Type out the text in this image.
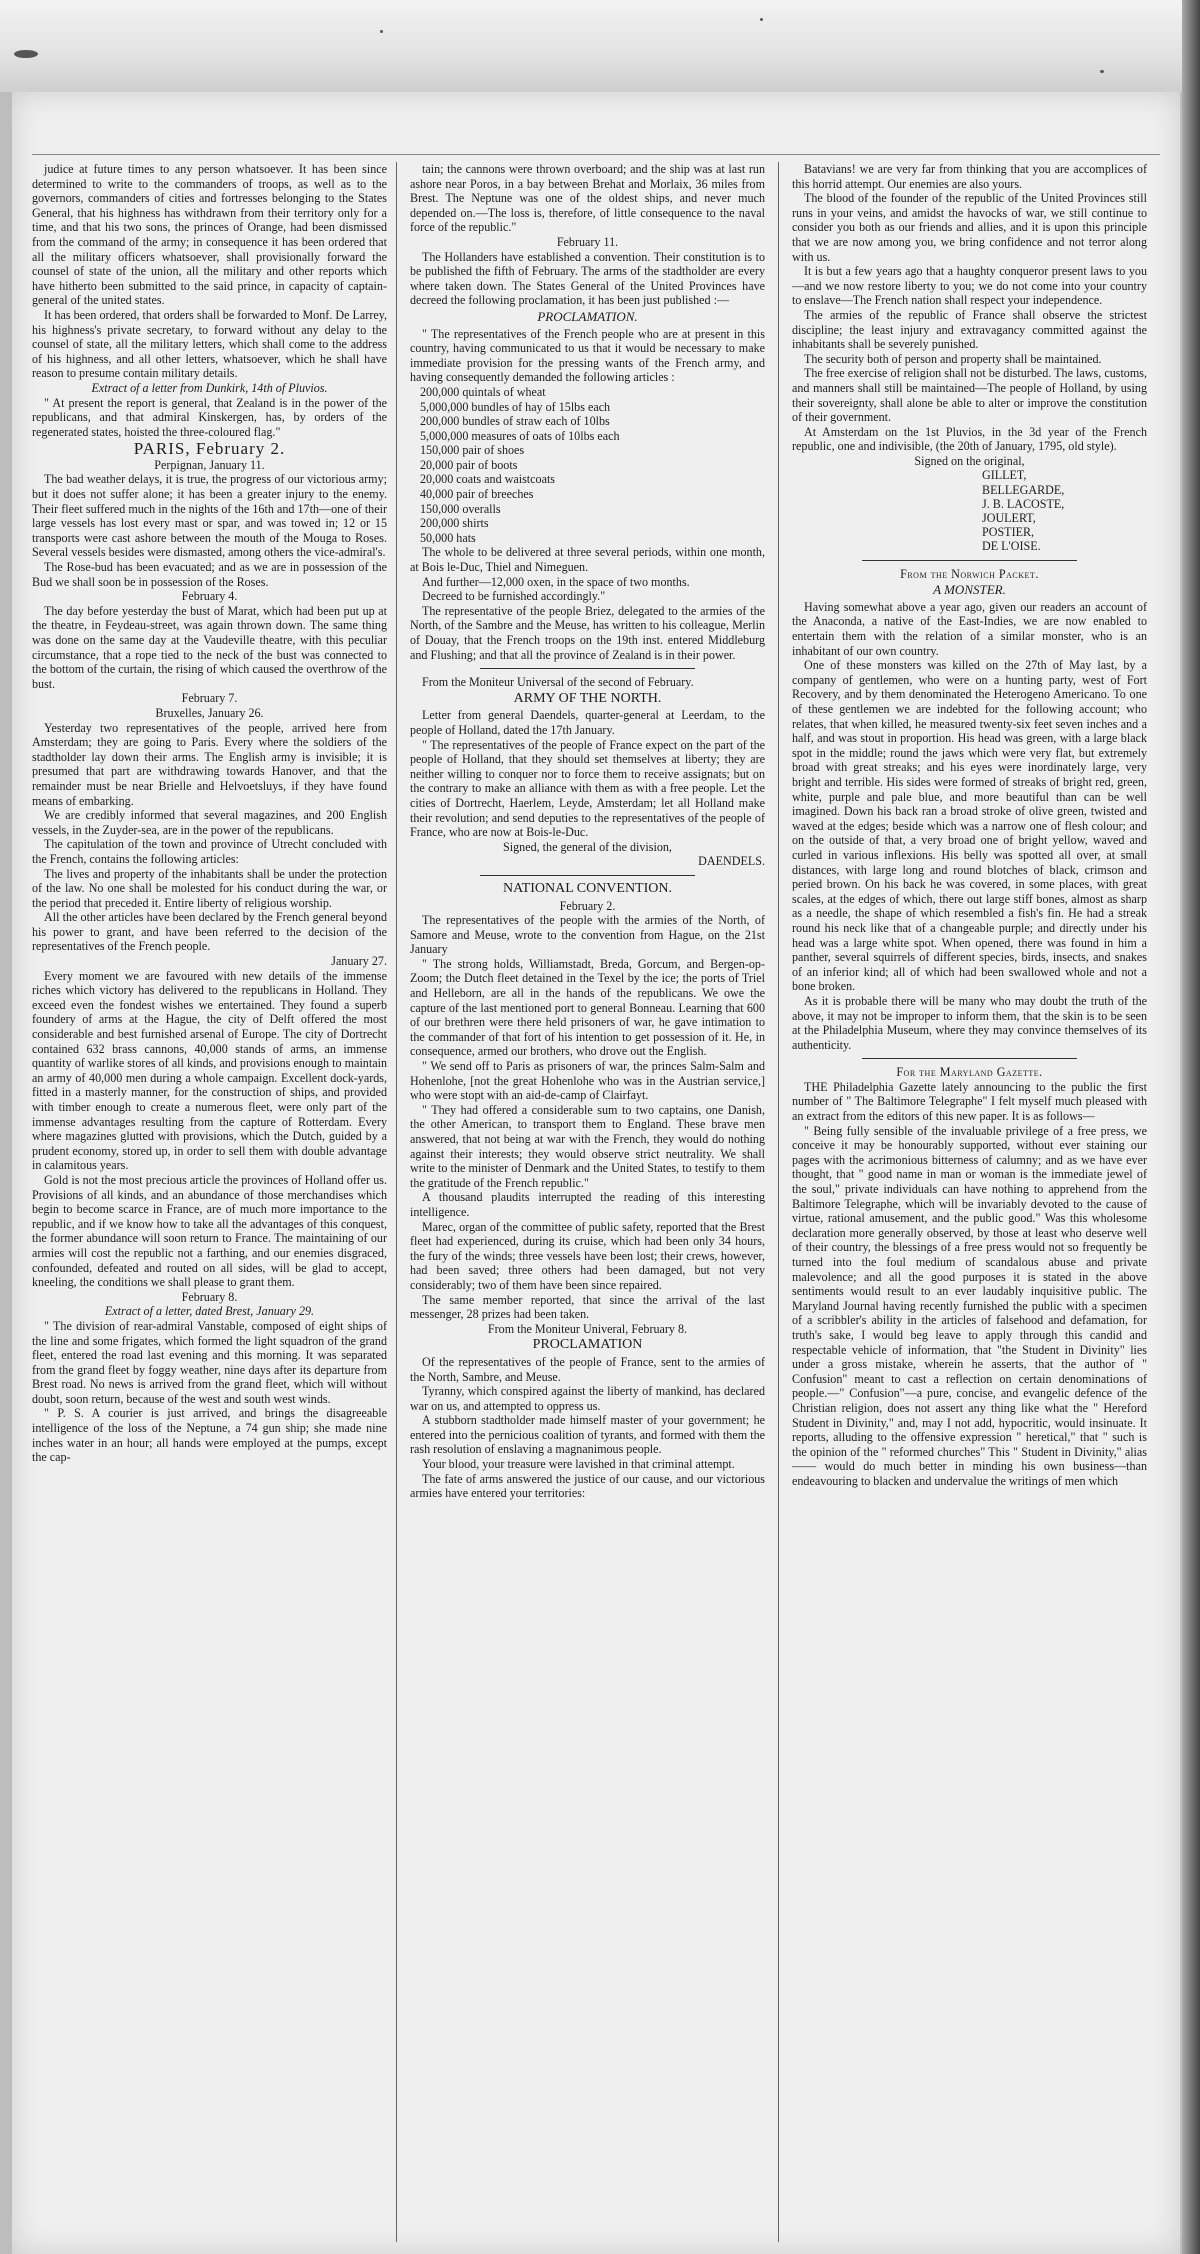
judice at future times to any person whatsoever. It has been since determined to write to the commanders of troops, as well as to the governors, commanders of cities and fortresses belonging to the States General, that his highness has withdrawn from their territory only for a time, and that his two sons, the princes of Orange, had been dismissed from the command of the army; in consequence it has been ordered that all the military officers whatsoever, shall provisionally forward the counsel of state of the union, all the military and other reports which have hitherto been submitted to the said prince, in capacity of captain-general of the united states.

It has been ordered, that orders shall be forwarded to Monf. De Larrey, his highness's private secretary, to forward without any delay to the counsel of state, all the military letters, which shall come to the address of his highness, and all other letters, whatsoever, which he shall have reason to presume contain military details.

Extract of a letter from Dunkirk, 14th of Pluvios.

" At present the report is general, that Zealand is in the power of the republicans, and that admiral Kinskergen, has, by orders of the regenerated states, hoisted the three-coloured flag."

PARIS, February 2.

Perpignan, January 11.

The bad weather delays, it is true, the progress of our victorious army; but it does not suffer alone; it has been a greater injury to the enemy. Their fleet suffered much in the nights of the 16th and 17th—one of their large vessels has lost every mast or spar, and was towed in; 12 or 15 transports were cast ashore between the mouth of the Mouga to Roses. Several vessels besides were dismasted, among others the vice-admiral's.

The Rose-bud has been evacuated; and as we are in possession of the Bud we shall soon be in possession of the Roses.

February 4.

The day before yesterday the bust of Marat, which had been put up at the theatre, in Feydeau-street, was again thrown down. The same thing was done on the same day at the Vaudeville theatre, with this peculiar circumstance, that a rope tied to the neck of the bust was connected to the bottom of the curtain, the rising of which caused the overthrow of the bust.

February 7.

Bruxelles, January 26.

Yesterday two representatives of the people, arrived here from Amsterdam; they are going to Paris. Every where the soldiers of the stadtholder lay down their arms. The English army is invisible; it is presumed that part are withdrawing towards Hanover, and that the remainder must be near Brielle and Helvoetsluys, if they have found means of embarking.

We are credibly informed that several magazines, and 200 English vessels, in the Zuyder-sea, are in the power of the republicans.

The capitulation of the town and province of Utrecht concluded with the French, contains the following articles:

The lives and property of the inhabitants shall be under the protection of the law. No one shall be molested for his conduct during the war, or the period that preceded it. Entire liberty of religious worship.

All the other articles have been declared by the French general beyond his power to grant, and have been referred to the decision of the representatives of the French people.

January 27.

Every moment we are favoured with new details of the immense riches which victory has delivered to the republicans in Holland. They exceed even the fondest wishes we entertained. They found a superb foundery of arms at the Hague, the city of Delft offered the most considerable and best furnished arsenal of Europe. The city of Dortrecht contained 632 brass cannons, 40,000 stands of arms, an immense quantity of warlike stores of all kinds, and provisions enough to maintain an army of 40,000 men during a whole campaign. Excellent dock-yards, fitted in a masterly manner, for the construction of ships, and provided with timber enough to create a numerous fleet, were only part of the immense advantages resulting from the capture of Rotterdam. Every where magazines glutted with provisions, which the Dutch, guided by a prudent economy, stored up, in order to sell them with double advantage in calamitous years.

Gold is not the most precious article the provinces of Holland offer us. Provisions of all kinds, and an abundance of those merchandises which begin to become scarce in France, are of much more importance to the republic, and if we know how to take all the advantages of this conquest, the former abundance will soon return to France. The maintaining of our armies will cost the republic not a farthing, and our enemies disgraced, confounded, defeated and routed on all sides, will be glad to accept, kneeling, the conditions we shall please to grant them.

February 8.

Extract of a letter, dated Brest, January 29.

" The division of rear-admiral Vanstable, composed of eight ships of the line and some frigates, which formed the light squadron of the grand fleet, entered the road last evening and this morning. It was separated from the grand fleet by foggy weather, nine days after its departure from Brest road. No news is arrived from the grand fleet, which will without doubt, soon return, because of the west and south west winds.

" P. S. A courier is just arrived, and brings the disagreeable intelligence of the loss of the Neptune, a 74 gun ship; she made nine inches water in an hour; all hands were employed at the pumps, except the cap-

tain; the cannons were thrown overboard; and the ship was at last run ashore near Poros, in a bay between Brehat and Morlaix, 36 miles from Brest. The Neptune was one of the oldest ships, and never much depended on.—The loss is, therefore, of little consequence to the naval force of the republic."

February 11.

The Hollanders have established a convention. Their constitution is to be published the fifth of February. The arms of the stadtholder are every where taken down. The States General of the United Provinces have decreed the following proclamation, it has been just published :—

PROCLAMATION.

" The representatives of the French people who are at present in this country, having communicated to us that it would be necessary to make immediate provision for the pressing wants of the French army, and having consequently demanded the following articles :

200,000 quintals of wheat

5,000,000 bundles of hay of 15lbs each

200,000 bundles of straw each of 10lbs

5,000,000 measures of oats of 10lbs each

150,000 pair of shoes

20,000 pair of boots

20,000 coats and waistcoats

40,000 pair of breeches

150,000 overalls

200,000 shirts

50,000 hats

The whole to be delivered at three several periods, within one month, at Bois le-Duc, Thiel and Nimeguen.

And further—12,000 oxen, in the space of two months.

Decreed to be furnished accordingly."

The representative of the people Briez, delegated to the armies of the North, of the Sambre and the Meuse, has written to his colleague, Merlin of Douay, that the French troops on the 19th inst. entered Middleburg and Flushing; and that all the province of Zealand is in their power.

From the Moniteur Universal of the second of February.

ARMY OF THE NORTH.

Letter from general Daendels, quarter-general at Leerdam, to the people of Holland, dated the 17th January.

" The representatives of the people of France expect on the part of the people of Holland, that they should set themselves at liberty; they are neither willing to conquer nor to force them to receive assignats; but on the contrary to make an alliance with them as with a free people. Let the cities of Dortrecht, Haerlem, Leyde, Amsterdam; let all Holland make their revolution; and send deputies to the representatives of the people of France, who are now at Bois-le-Duc.

Signed, the general of the division,

DAENDELS.

NATIONAL CONVENTION.

February 2.

The representatives of the people with the armies of the North, of Samore and Meuse, wrote to the convention from Hague, on the 21st January

" The strong holds, Williamstadt, Breda, Gorcum, and Bergen-op-Zoom; the Dutch fleet detained in the Texel by the ice; the ports of Triel and Helleborn, are all in the hands of the republicans. We owe the capture of the last mentioned port to general Bonneau. Learning that 600 of our brethren were there held prisoners of war, he gave intimation to the commander of that fort of his intention to get possession of it. He, in consequence, armed our brothers, who drove out the English.

" We send off to Paris as prisoners of war, the princes Salm-Salm and Hohenlohe, [not the great Hohenlohe who was in the Austrian service,] who were stopt with an aid-de-camp of Clairfayt.

" They had offered a considerable sum to two captains, one Danish, the other American, to transport them to England. These brave men answered, that not being at war with the French, they would do nothing against their interests; they would observe strict neutrality. We shall write to the minister of Denmark and the United States, to testify to them the gratitude of the French republic."

A thousand plaudits interrupted the reading of this interesting intelligence.

Marec, organ of the committee of public safety, reported that the Brest fleet had experienced, during its cruise, which had been only 34 hours, the fury of the winds; three vessels have been lost; their crews, however, had been saved; three others had been damaged, but not very considerably; two of them have been since repaired.

The same member reported, that since the arrival of the last messenger, 28 prizes had been taken.

From the Moniteur Univeral, February 8.

PROCLAMATION

Of the representatives of the people of France, sent to the armies of the North, Sambre, and Meuse.

Tyranny, which conspired against the liberty of mankind, has declared war on us, and attempted to oppress us.

A stubborn stadtholder made himself master of your government; he entered into the pernicious coalition of tyrants, and formed with them the rash resolution of enslaving a magnanimous people.

Your blood, your treasure were lavished in that criminal attempt.

The fate of arms answered the justice of our cause, and our victorious armies have entered your territories:

Batavians! we are very far from thinking that you are accomplices of this horrid attempt. Our enemies are also yours.

The blood of the founder of the republic of the United Provinces still runs in your veins, and amidst the havocks of war, we still continue to consider you both as our friends and allies, and it is upon this principle that we are now among you, we bring confidence and not terror along with us.

It is but a few years ago that a haughty conqueror present laws to you—and we now restore liberty to you; we do not come into your country to enslave—The French nation shall respect your independence.

The armies of the republic of France shall observe the strictest discipline; the least injury and extravagancy committed against the inhabitants shall be severely punished.

The security both of person and property shall be maintained.

The free exercise of religion shall not be disturbed. The laws, customs, and manners shall still be maintained—The people of Holland, by using their sovereignty, shall alone be able to alter or improve the constitution of their government.

At Amsterdam on the 1st Pluvios, in the 3d year of the French republic, one and indivisible, (the 20th of January, 1795, old style).

Signed on the original,

GILLET,

BELLEGARDE,

J. B. LACOSTE,

JOULERT,

POSTIER,

DE L'OISE.

From the Norwich Packet.

A MONSTER.

Having somewhat above a year ago, given our readers an account of the Anaconda, a native of the East-Indies, we are now enabled to entertain them with the relation of a similar monster, who is an inhabitant of our own country.

One of these monsters was killed on the 27th of May last, by a company of gentlemen, who were on a hunting party, west of Fort Recovery, and by them denominated the Heterogeno Americano. To one of these gentlemen we are indebted for the following account; who relates, that when killed, he measured twenty-six feet seven inches and a half, and was stout in proportion. His head was green, with a large black spot in the middle; round the jaws which were very flat, but extremely broad with great streaks; and his eyes were inordinately large, very bright and terrible. His sides were formed of streaks of bright red, green, white, purple and pale blue, and more beautiful than can be well imagined. Down his back ran a broad stroke of olive green, twisted and waved at the edges; beside which was a narrow one of flesh colour; and on the outside of that, a very broad one of bright yellow, waved and curled in various inflexions. His belly was spotted all over, at small distances, with large long and round blotches of black, crimson and peried brown. On his back he was covered, in some places, with great scales, at the edges of which, there out large stiff bones, almost as sharp as a needle, the shape of which resembled a fish's fin. He had a streak round his neck like that of a changeable purple; and directly under his head was a large white spot. When opened, there was found in him a panther, several squirrels of different species, birds, insects, and snakes of an inferior kind; all of which had been swallowed whole and not a bone broken.

As it is probable there will be many who may doubt the truth of the above, it may not be improper to inform them, that the skin is to be seen at the Philadelphia Museum, where they may convince themselves of its authenticity.

For the Maryland Gazette.

THE Philadelphia Gazette lately announcing to the public the first number of " The Baltimore Telegraphe" I felt myself much pleased with an extract from the editors of this new paper. It is as follows—

" Being fully sensible of the invaluable privilege of a free press, we conceive it may be honourably supported, without ever staining our pages with the acrimonious bitterness of calumny; and as we have ever thought, that " good name in man or woman is the immediate jewel of the soul," private individuals can have nothing to apprehend from the Baltimore Telegraphe, which will be invariably devoted to the cause of virtue, rational amusement, and the public good." Was this wholesome declaration more generally observed, by those at least who deserve well of their country, the blessings of a free press would not so frequently be turned into the foul medium of scandalous abuse and private malevolence; and all the good purposes it is stated in the above sentiments would result to an ever laudably inquisitive public. The Maryland Journal having recently furnished the public with a specimen of a scribbler's ability in the articles of falsehood and defamation, for truth's sake, I would beg leave to apply through this candid and respectable vehicle of information, that "the Student in Divinity" lies under a gross mistake, wherein he asserts, that the author of " Confusion" meant to cast a reflection on certain denominations of people.—" Confusion"—a pure, concise, and evangelic defence of the Christian religion, does not assert any thing like what the " Hereford Student in Divinity," and, may I not add, hypocritic, would insinuate. It reports, alluding to the offensive expression " heretical," that " such is the opinion of the " reformed churches" This " Student in Divinity," alias —— would do much better in minding his own business—than endeavouring to blacken and undervalue the writings of men which
